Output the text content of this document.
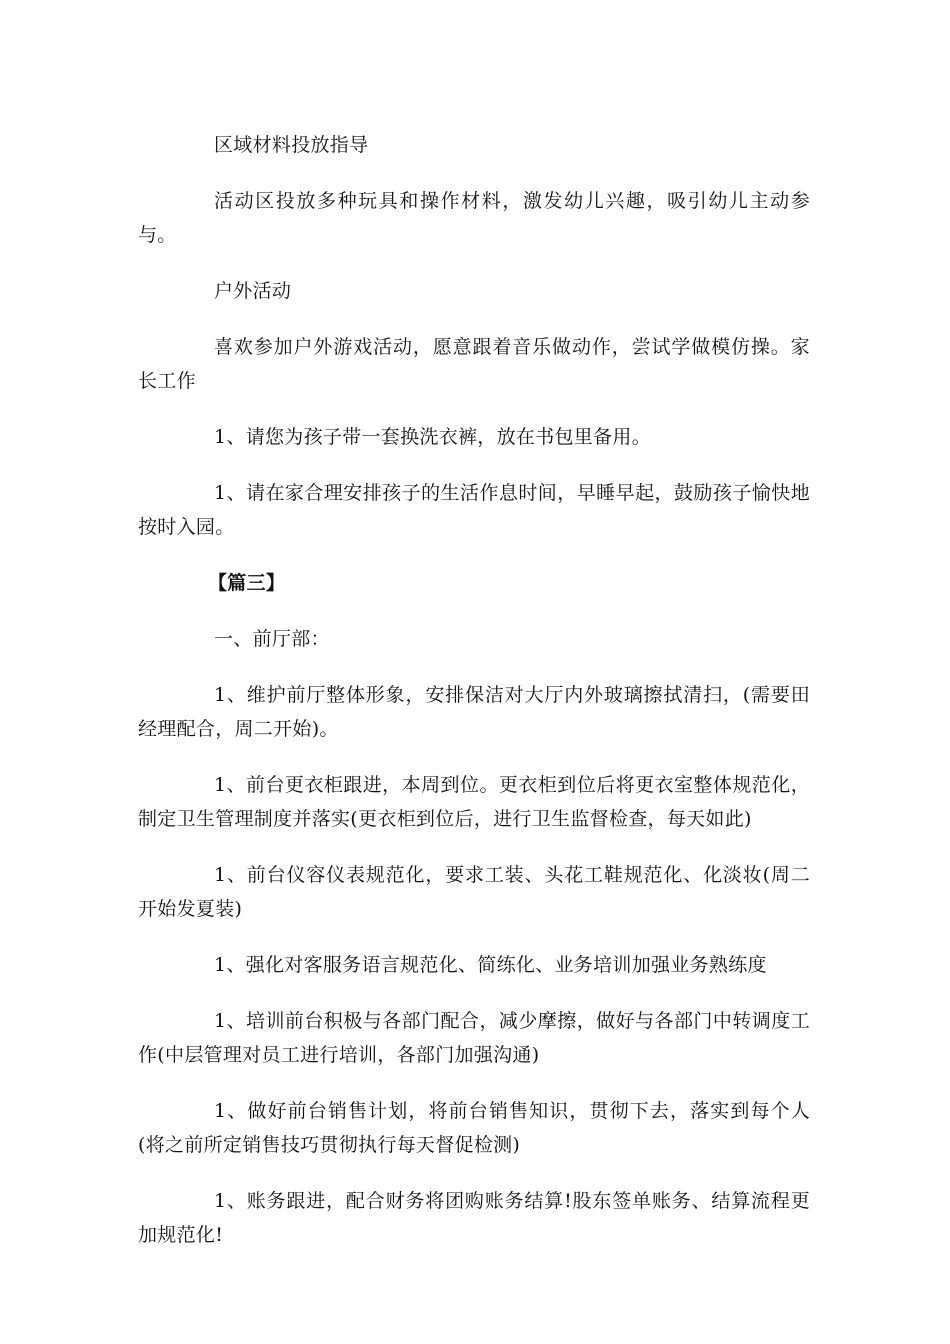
区域材料投放指导

活动区投放多种玩具和操作材料，激发幼儿兴趣，吸引幼儿主动参与。

户外活动

喜欢参加户外游戏活动，愿意跟着音乐做动作，尝试学做模仿操。家长工作

1、请您为孩子带一套换洗衣裤，放在书包里备用。

1、请在家合理安排孩子的生活作息时间，早睡早起，鼓励孩子愉快地按时入园。

【篇三】

一、前厅部：

1、维护前厅整体形象，安排保洁对大厅内外玻璃擦拭清扫，(需要田经理配合，周二开始)。

1、前台更衣柜跟进，本周到位。更衣柜到位后将更衣室整体规范化，制定卫生管理制度并落实(更衣柜到位后，进行卫生监督检查，每天如此)

1、前台仪容仪表规范化，要求工装、头花工鞋规范化、化淡妆(周二开始发夏装)

1、强化对客服务语言规范化、简练化、业务培训加强业务熟练度

1、培训前台积极与各部门配合，减少摩擦，做好与各部门中转调度工作(中层管理对员工进行培训，各部门加强沟通)

1、做好前台销售计划，将前台销售知识，贯彻下去，落实到每个人(将之前所定销售技巧贯彻执行每天督促检测)

1、账务跟进，配合财务将团购账务结算!股东签单账务、结算流程更加规范化!
